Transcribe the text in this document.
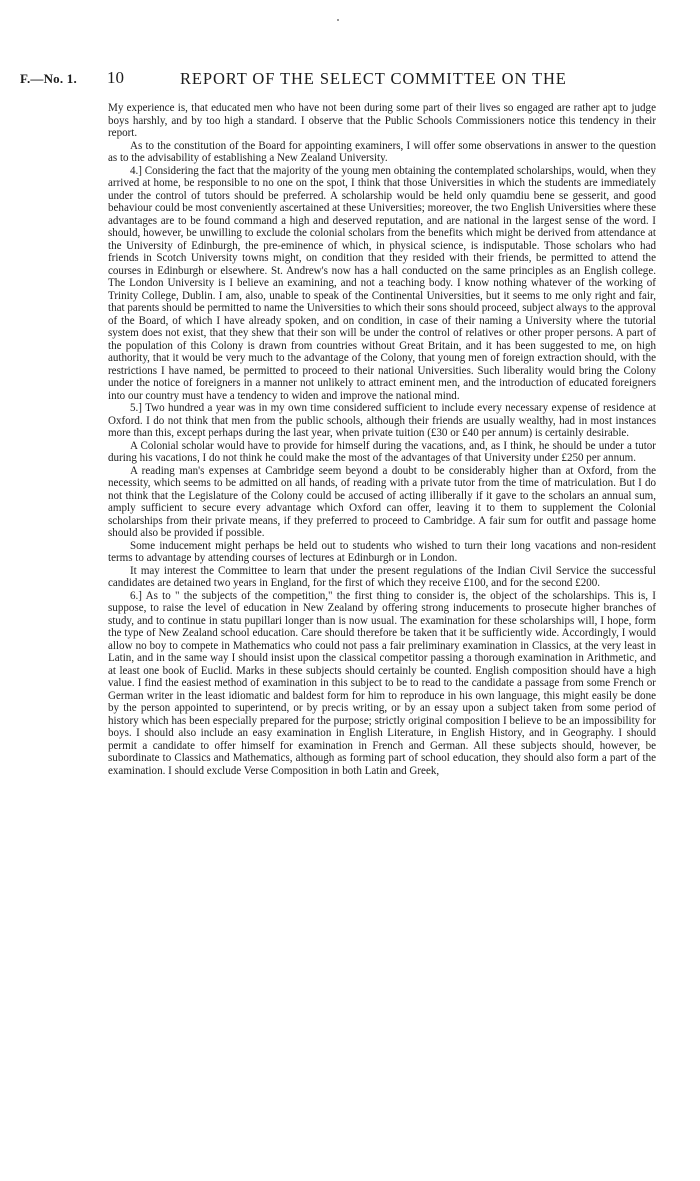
F.—No. 1. 10	REPORT OF THE SELECT COMMITTEE ON THE

My experience is, that educated men who have not been during some part of their lives so engaged are rather apt to judge boys harshly, and by too high a standard. I observe that the Public Schools Commissioners notice this tendency in their report.

As to the constitution of the Board for appointing examiners, I will offer some observations in answer to the question as to the advisability of establishing a New Zealand University.

4.] Considering the fact that the majority of the young men obtaining the contemplated scholarships, would, when they arrived at home, be responsible to no one on the spot, I think that those Universities in which the students are immediately under the control of tutors should be preferred. A scholarship would be held only quamdiu bene se gesserit, and good behaviour could be most conveniently ascertained at these Universities; moreover, the two English Universities where these advantages are to be found command a high and deserved reputation, and are national in the largest sense of the word. I should, however, be unwilling to exclude the colonial scholars from the benefits which might be derived from attendance at the University of Edinburgh, the pre-eminence of which, in physical science, is indisputable. Those scholars who had friends in Scotch University towns might, on condition that they resided with their friends, be permitted to attend the courses in Edinburgh or elsewhere. St. Andrew's now has a hall conducted on the same principles as an English college. The London University is I believe an examining, and not a teaching body. I know nothing whatever of the working of Trinity College, Dublin. I am, also, unable to speak of the Continental Universities, but it seems to me only right and fair, that parents should be permitted to name the Universities to which their sons should proceed, subject always to the approval of the Board, of which I have already spoken, and on condition, in case of their naming a University where the tutorial system does not exist, that they shew that their son will be under the control of relatives or other proper persons. A part of the population of this Colony is drawn from countries without Great Britain, and it has been suggested to me, on high authority, that it would be very much to the advantage of the Colony, that young men of foreign extraction should, with the restrictions I have named, be permitted to proceed to their national Universities. Such liberality would bring the Colony under the notice of foreigners in a manner not unlikely to attract eminent men, and the introduction of educated foreigners into our country must have a tendency to widen and improve the national mind.

5.] Two hundred a year was in my own time considered sufficient to include every necessary expense of residence at Oxford. I do not think that men from the public schools, although their friends are usually wealthy, had in most instances more than this, except perhaps during the last year, when private tuition (£30 or £40 per annum) is certainly desirable.

A Colonial scholar would have to provide for himself during the vacations, and, as I think, he should be under a tutor during his vacations, I do not think he could make the most of the advantages of that University under £250 per annum.

A reading man's expenses at Cambridge seem beyond a doubt to be considerably higher than at Oxford, from the necessity, which seems to be admitted on all hands, of reading with a private tutor from the time of matriculation. But I do not think that the Legislature of the Colony could be accused of acting illiberally if it gave to the scholars an annual sum, amply sufficient to secure every advantage which Oxford can offer, leaving it to them to supplement the Colonial scholarships from their private means, if they preferred to proceed to Cambridge. A fair sum for outfit and passage home should also be provided if possible.

Some inducement might perhaps be held out to students who wished to turn their long vacations and non-resident terms to advantage by attending courses of lectures at Edinburgh or in London.

It may interest the Committee to learn that under the present regulations of the Indian Civil Service the successful candidates are detained two years in England, for the first of which they receive £100, and for the second £200.

6.] As to " the subjects of the competition," the first thing to consider is, the object of the scholarships. This is, I suppose, to raise the level of education in New Zealand by offering strong inducements to prosecute higher branches of study, and to continue in statu pupillari longer than is now usual. The examination for these scholarships will, I hope, form the type of New Zealand school education. Care should therefore be taken that it be sufficiently wide. Accordingly, I would allow no boy to compete in Mathematics who could not pass a fair preliminary examination in Classics, at the very least in Latin, and in the same way I should insist upon the classical competitor passing a thorough examination in Arithmetic, and at least one book of Euclid. Marks in these subjects should certainly be counted. English composition should have a high value. I find the easiest method of examination in this subject to be to read to the candidate a passage from some French or German writer in the least idiomatic and baldest form for him to reproduce in his own language, this might easily be done by the person appointed to superintend, or by precis writing, or by an essay upon a subject taken from some period of history which has been especially prepared for the purpose; strictly original composition I believe to be an impossibility for boys. I should also include an easy examination in English Literature, in English History, and in Geography. I should permit a candidate to offer himself for examination in French and German. All these subjects should, however, be subordinate to Classics and Mathematics, although as forming part of school education, they should also form a part of the examination. I should exclude Verse Composition in both Latin and Greek,
